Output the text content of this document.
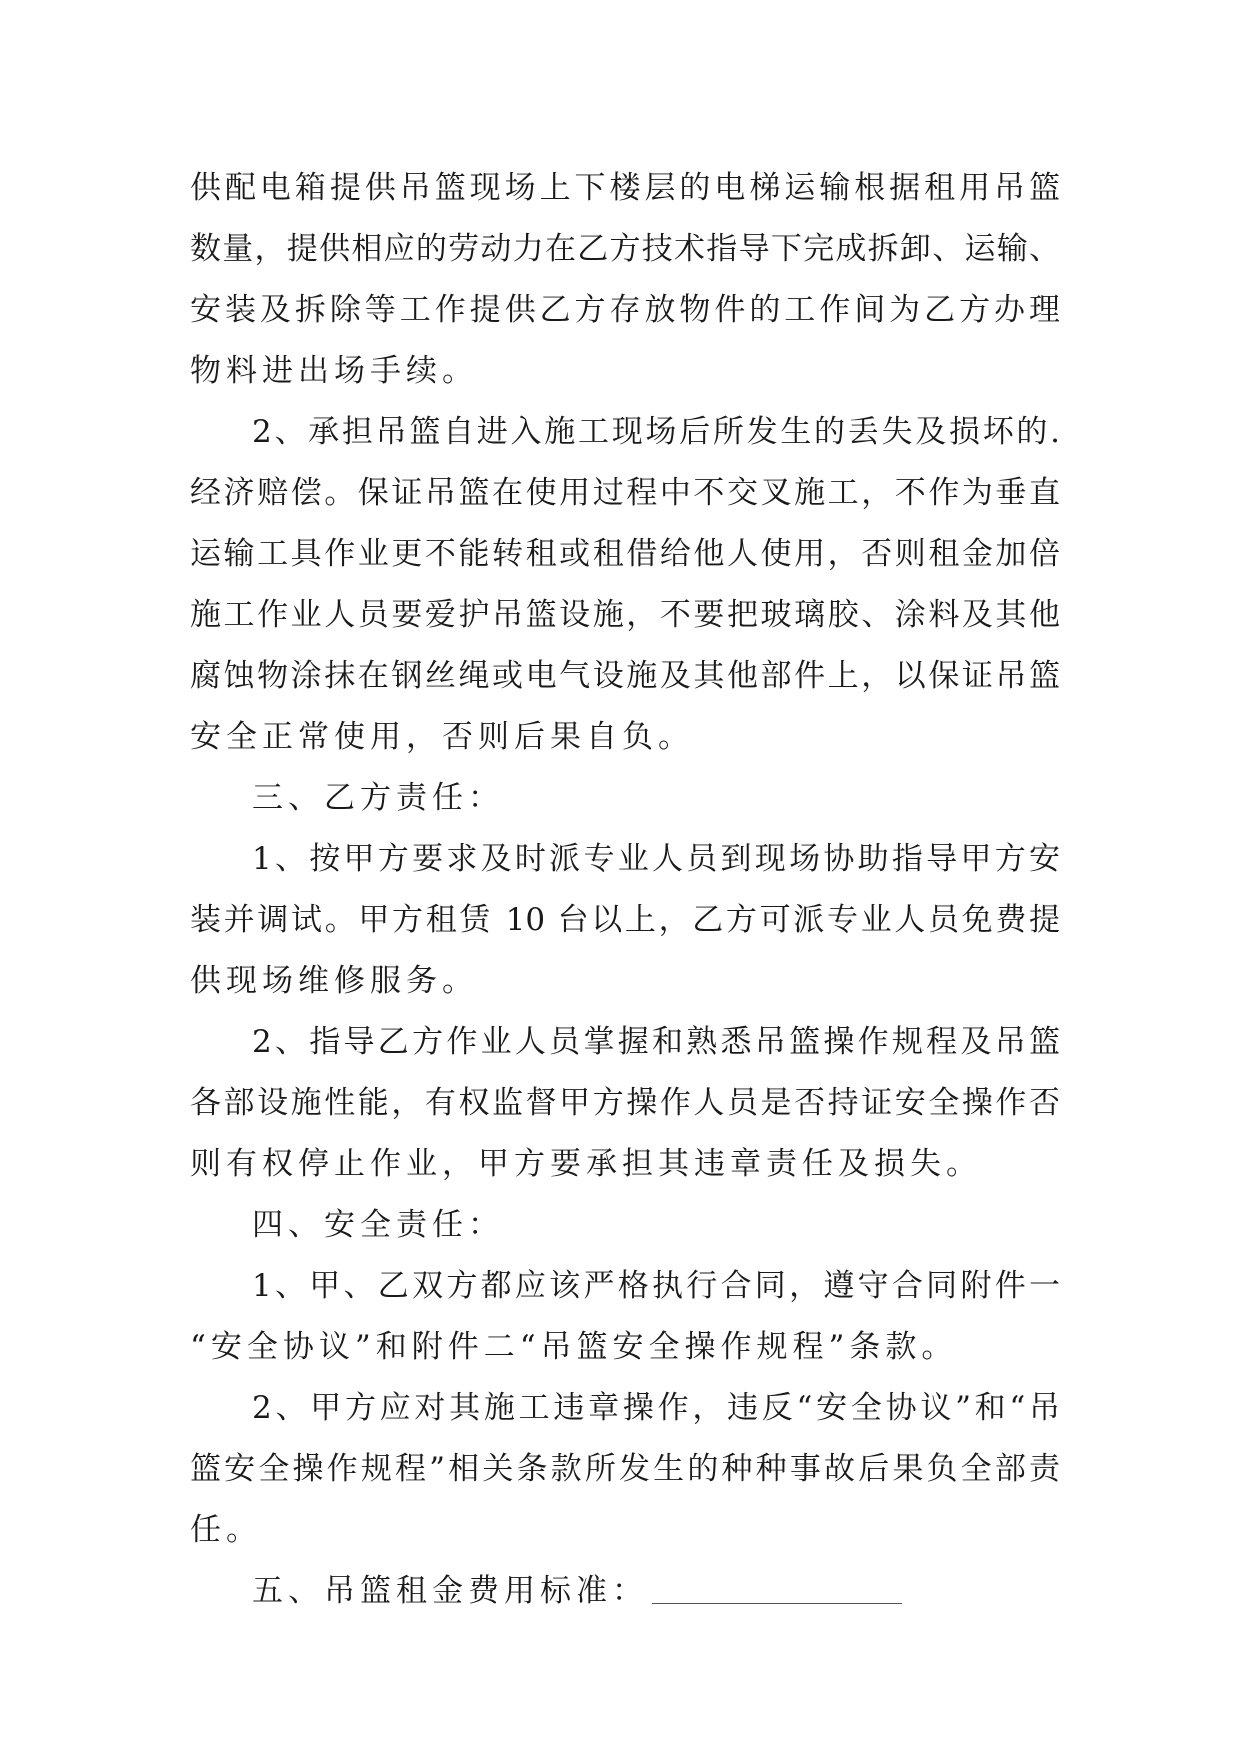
供配电箱提供吊篮现场上下楼层的电梯运输根据租用吊篮
数量，提供相应的劳动力在乙方技术指导下完成拆卸、运输、
安装及拆除等工作提供乙方存放物件的工作间为乙方办理
物料进出场手续。
2、承担吊篮自进入施工现场后所发生的丢失及损坏的.
经济赔偿。保证吊篮在使用过程中不交叉施工，不作为垂直
运输工具作业更不能转租或租借给他人使用，否则租金加倍
施工作业人员要爱护吊篮设施，不要把玻璃胶、涂料及其他
腐蚀物涂抹在钢丝绳或电气设施及其他部件上，以保证吊篮
安全正常使用，否则后果自负。
三、乙方责任：
1、按甲方要求及时派专业人员到现场协助指导甲方安
装并调试。甲方租赁 10 台以上，乙方可派专业人员免费提
供现场维修服务。
2、指导乙方作业人员掌握和熟悉吊篮操作规程及吊篮
各部设施性能，有权监督甲方操作人员是否持证安全操作否
则有权停止作业，甲方要承担其违章责任及损失。
四、安全责任：
1、甲、乙双方都应该严格执行合同，遵守合同附件一
“安全协议”和附件二“吊篮安全操作规程”条款。
2、甲方应对其施工违章操作，违反“安全协议”和“吊
篮安全操作规程”相关条款所发生的种种事故后果负全部责
任。
五、吊篮租金费用标准：
